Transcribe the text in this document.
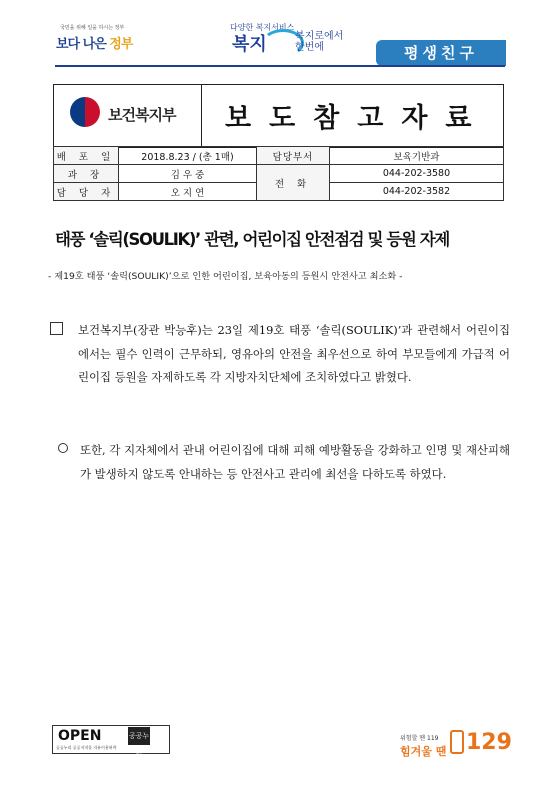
국민을 위해 일을 하시는 정부
보다 나은 정부
다양한 복지서비스
복지	복지로에서
한번에	평생친구
보건복지부 보도참고자료
배 포 일	2018.8.23 / (총 1매)	담당부서	보육기반과
과 장	김 우 중	전 화	044-202-3580
담 당 자	오 지 연		044-202-3582
태풍 ‘솔릭(SOULIK)’ 관련, 어린이집 안전점검 및 등원 자제
- 제19호 태풍 ‘솔릭(SOULIK)’으로 인한 어린이집, 보육아동의 등원시 안전사고 최소화 -
보건복지부(장관 박능후)는 23일 제19호 태풍 ‘솔릭(SOULIK)’과 관련해서 어린이집에서는 필수 인력이 근무하되, 영유아의 안전을 최우선으로 하여 부모들에게 가급적 어린이집 등원을 자제하도록 각 지방자치단체에 조치하였다고 밝혔다.
또한, 각 지자체에서 관내 어린이집에 대해 피해 예방활동을 강화하고 인명 및 재산피해가 발생하지 않도록 안내하는 등 안전사고 관리에 최선을 다하도록 하였다.
OPEN	공공누리
공공누리 공공저작물 자유이용허락
위험할 땐 119
힘겨울 땐 129
